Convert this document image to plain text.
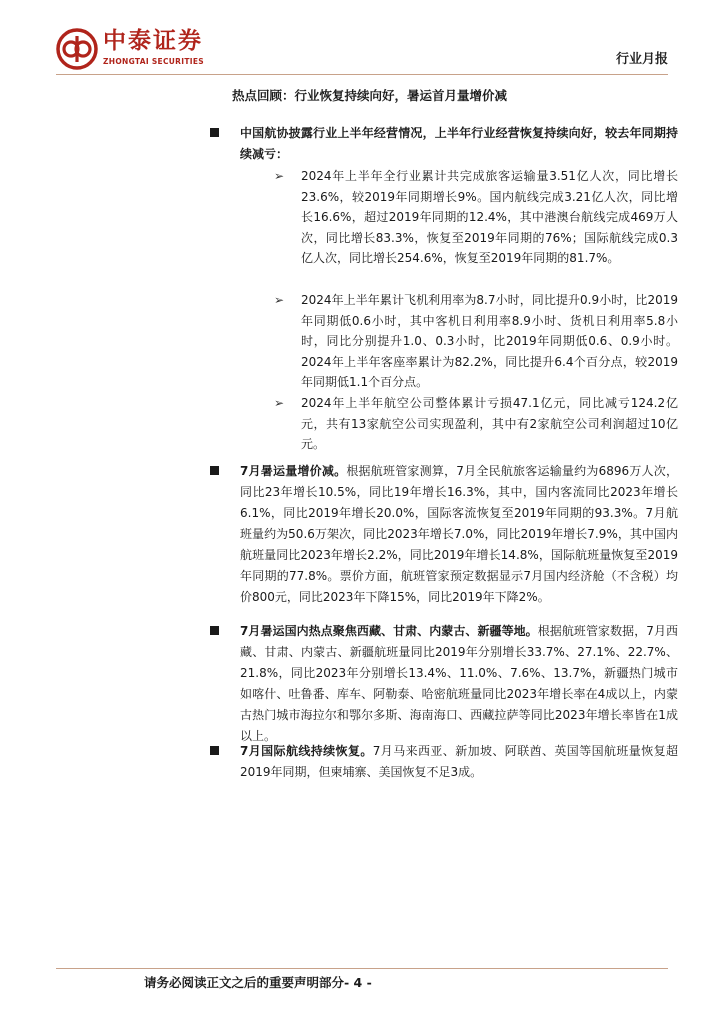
中泰证券
ZHONGTAI SECURITIES	行业月报
热点回顾：行业恢复持续向好，暑运首月量增价减
中国航协披露行业上半年经营情况，上半年行业经营恢复持续向好，较去年同期持续减亏：
➢ 2024年上半年全行业累计共完成旅客运输量3.51亿人次，同比增长23.6%，较2019年同期增长9%。国内航线完成3.21亿人次，同比增长16.6%，超过2019年同期的12.4%，其中港澳台航线完成469万人次，同比增长83.3%，恢复至2019年同期的76%；国际航线完成0.3亿人次，同比增长254.6%，恢复至2019年同期的81.7%。
➢ 2024年上半年累计飞机利用率为8.7小时，同比提升0.9小时，比2019年同期低0.6小时，其中客机日利用率8.9小时、货机日利用率5.8小时，同比分别提升1.0、0.3小时，比2019年同期低0.6、0.9小时。2024年上半年客座率累计为82.2%，同比提升6.4个百分点，较2019年同期低1.1个百分点。
➢ 2024年上半年航空公司整体累计亏损47.1亿元，同比减亏124.2亿元，共有13家航空公司实现盈利，其中有2家航空公司利润超过10亿元。
7月暑运量增价减。根据航班管家测算，7月全民航旅客运输量约为6896万人次，同比23年增长10.5%，同比19年增长16.3%，其中，国内客流同比2023年增长6.1%，同比2019年增长20.0%，国际客流恢复至2019年同期的93.3%。7月航班量约为50.6万架次，同比2023年增长7.0%，同比2019年增长7.9%，其中国内航班量同比2023年增长2.2%，同比2019年增长14.8%，国际航班量恢复至2019年同期的77.8%。票价方面，航班管家预定数据显示7月国内经济舱（不含税）均价800元，同比2023年下降15%，同比2019年下降2%。
7月暑运国内热点聚焦西藏、甘肃、内蒙古、新疆等地。根据航班管家数据，7月西藏、甘肃、内蒙古、新疆航班量同比2019年分别增长33.7%、27.1%、22.7%、21.8%，同比2023年分别增长13.4%、11.0%、7.6%、13.7%，新疆热门城市如喀什、吐鲁番、库车、阿勒泰、哈密航班量同比2023年增长率在4成以上，内蒙古热门城市海拉尔和鄂尔多斯、海南海口、西藏拉萨等同比2023年增长率皆在1成以上。
7月国际航线持续恢复。7月马来西亚、新加坡、阿联酋、英国等国航班量恢复超2019年同期，但柬埔寨、美国恢复不足3成。
请务必阅读正文之后的重要声明部分- 4 -
